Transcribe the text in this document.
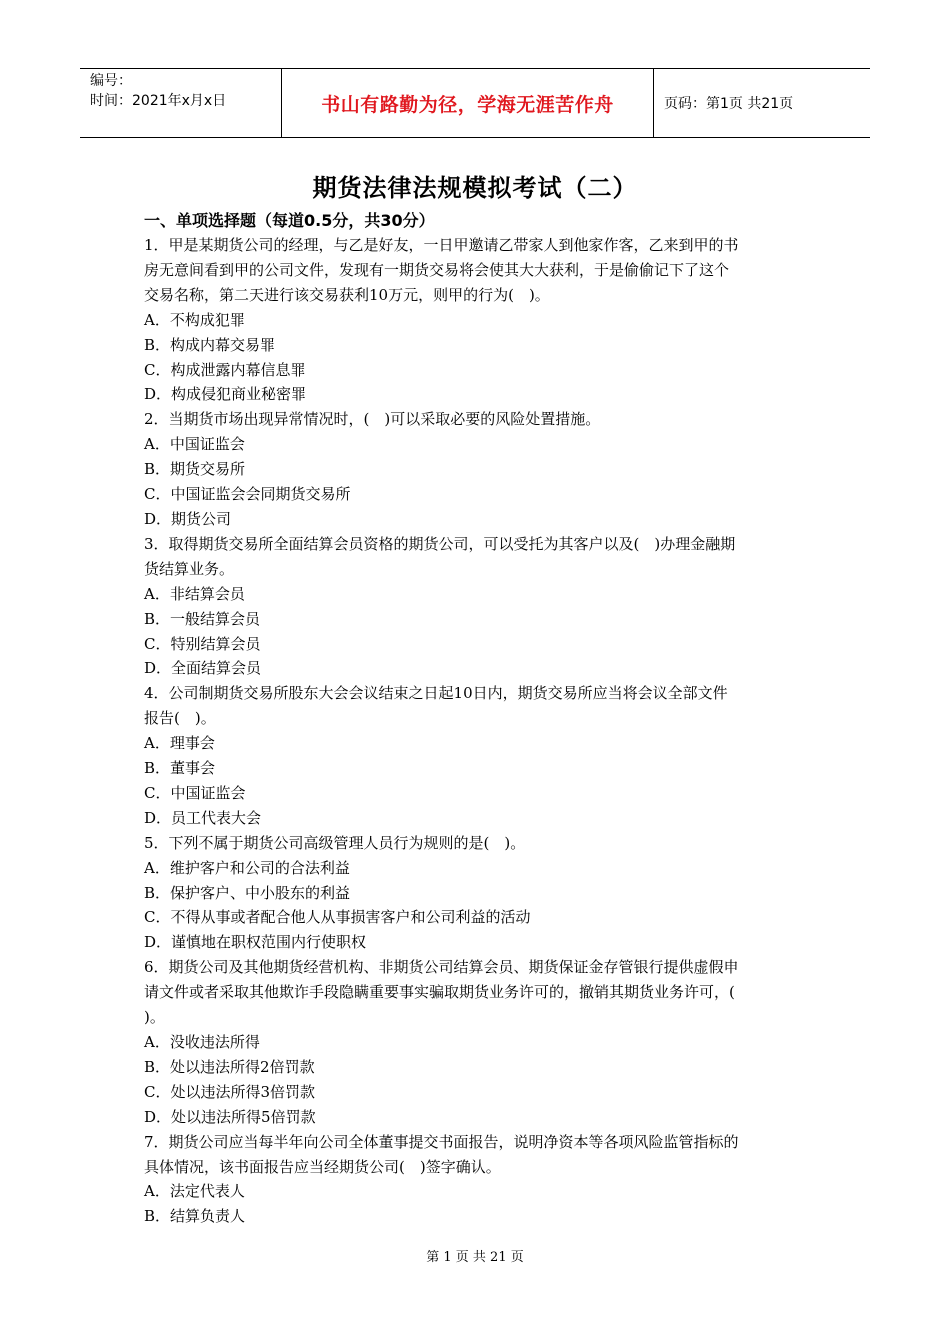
编号：
时间：2021年x月x日	书山有路勤为径，学海无涯苦作舟	页码：第1页 共21页
期货法律法规模拟考试（二）
一、单项选择题（每道0.5分，共30分）
1．甲是某期货公司的经理，与乙是好友，一日甲邀请乙带家人到他家作客，乙来到甲的书
房无意间看到甲的公司文件，发现有一期货交易将会使其大大获利，于是偷偷记下了这个
交易名称，第二天进行该交易获利10万元，则甲的行为(　)。
A．不构成犯罪
B．构成内幕交易罪
C．构成泄露内幕信息罪
D．构成侵犯商业秘密罪
2．当期货市场出现异常情况时，(　)可以采取必要的风险处置措施。
A．中国证监会
B．期货交易所
C．中国证监会会同期货交易所
D．期货公司
3．取得期货交易所全面结算会员资格的期货公司，可以受托为其客户以及(　)办理金融期
货结算业务。
A．非结算会员
B．一般结算会员
C．特别结算会员
D．全面结算会员
4．公司制期货交易所股东大会会议结束之日起10日内，期货交易所应当将会议全部文件
报告(　)。
A．理事会
B．董事会
C．中国证监会
D．员工代表大会
5．下列不属于期货公司高级管理人员行为规则的是(　)。
A．维护客户和公司的合法利益
B．保护客户、中小股东的利益
C．不得从事或者配合他人从事损害客户和公司利益的活动
D．谨慎地在职权范围内行使职权
6．期货公司及其他期货经营机构、非期货公司结算会员、期货保证金存管银行提供虚假申
请文件或者采取其他欺诈手段隐瞒重要事实骗取期货业务许可的，撤销其期货业务许可，(
)。
A．没收违法所得
B．处以违法所得2倍罚款
C．处以违法所得3倍罚款
D．处以违法所得5倍罚款
7．期货公司应当每半年向公司全体董事提交书面报告，说明净资本等各项风险监管指标的
具体情况，该书面报告应当经期货公司(　)签字确认。
A．法定代表人
B．结算负责人
第 1 页 共 21 页
